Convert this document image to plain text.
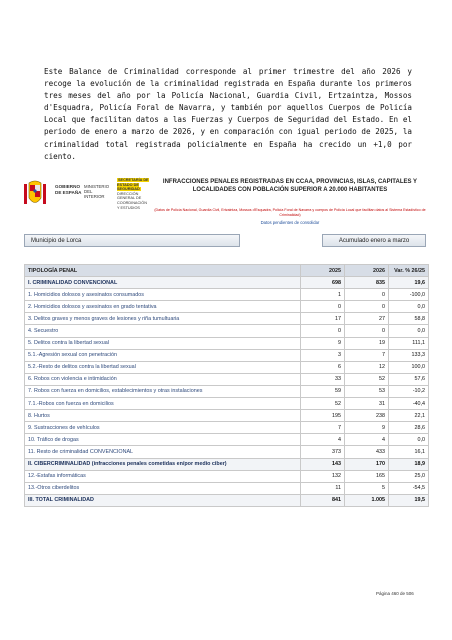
Este Balance de Criminalidad corresponde al primer trimestre del año 2026 y recoge la evolución de la criminalidad registrada en España durante los primeros tres meses del año por la Policía Nacional, Guardia Civil, Ertzaintza, Mossos d'Esquadra, Policía Foral de Navarra, y también por aquellos Cuerpos de Policía Local que facilitan datos a las Fuerzas y Cuerpos de Seguridad del Estado. En el periodo de enero a marzo de 2026, y en comparación con igual periodo de 2025, la criminalidad total registrada policialmente en España ha crecido un +1,0 por ciento.
GOBIERNO DE ESPAÑA
MINISTERIO DEL INTERIOR
SECRETARÍA DE ESTADO DE SEGURIDAD
DIRECCIÓN GENERAL DE COORDINACIÓN Y ESTUDIOS
INFRACCIONES PENALES REGISTRADAS EN CCAA, PROVINCIAS, ISLAS, CAPITALES Y LOCALIDADES CON POBLACIÓN SUPERIOR A 20.000 HABITANTES
(Datos de Policía Nacional, Guardia Civil, Ertzaintza, Mossos d'Esquadra, Policía Foral de Navarra y cuerpos de Policía Local que facilitan datos al Sistema Estadístico de Criminalidad)
Datos pendientes de consolidar
Municipio de Lorca	Acumulado enero a marzo
TIPOLOGÍA PENAL	2025	2026	Var. % 26/25
I. CRIMINALIDAD CONVENCIONAL	698	835	19,6
1. Homicidios dolosos y asesinatos consumados	1	0	-100,0
2. Homicidios dolosos y asesinatos en grado tentativa	0	0	0,0
3. Delitos graves y menos graves de lesiones y riña tumultuaria	17	27	58,8
4. Secuestro	0	0	0,0
5. Delitos contra la libertad sexual	9	19	111,1
5.1.-Agresión sexual con penetración	3	7	133,3
5.2.-Resto de delitos contra la libertad sexual	6	12	100,0
6. Robos con violencia e intimidación	33	52	57,6
7. Robos con fuerza en domicilios, establecimientos y otras instalaciones	59	53	-10,2
7.1.-Robos con fuerza en domicilios	52	31	-40,4
8. Hurtos	195	238	22,1
9. Sustracciones de vehículos	7	9	28,6
10. Tráfico de drogas	4	4	0,0
11. Resto de criminalidad CONVENCIONAL	373	433	16,1
II. CIBERCRIMINALIDAD (infracciones penales cometidas en/por medio ciber)	143	170	18,9
12.-Estafas informáticas	132	165	25,0
13.-Otros ciberdelitos	11	5	-54,5
III. TOTAL CRIMINALIDAD	841	1.005	19,5
Página 460 de 506
